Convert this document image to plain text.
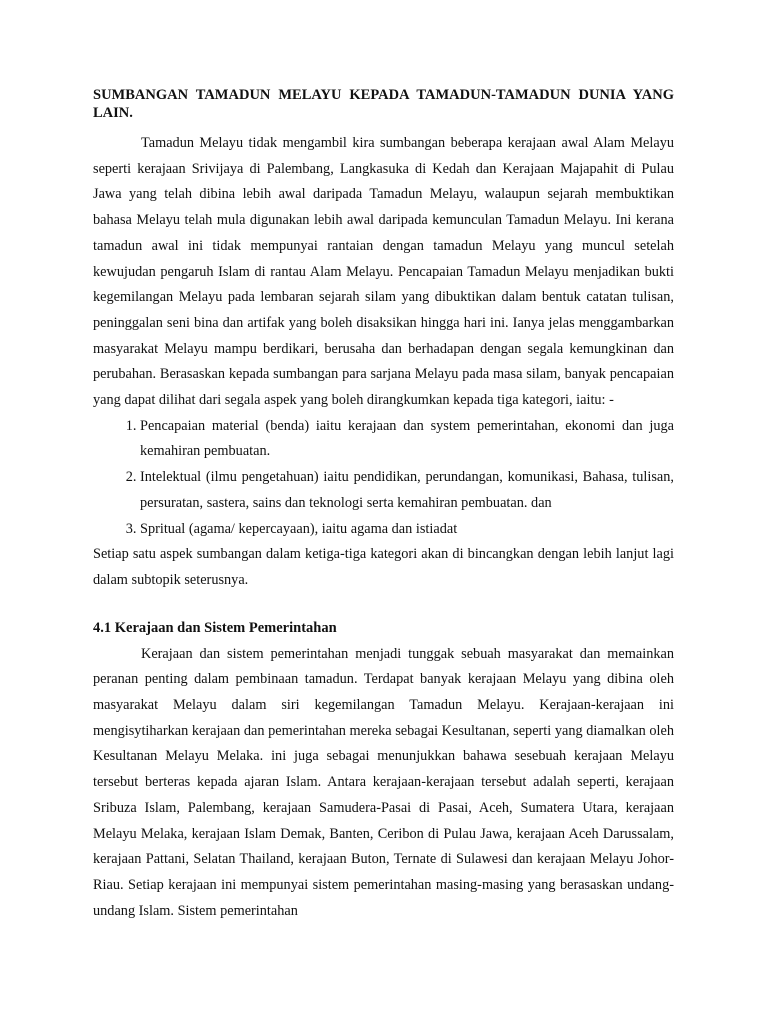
SUMBANGAN TAMADUN MELAYU KEPADA TAMADUN-TAMADUN DUNIA YANG LAIN.

Tamadun Melayu tidak mengambil kira sumbangan beberapa kerajaan awal Alam Melayu seperti kerajaan Srivijaya di Palembang, Langkasuka di Kedah dan Kerajaan Majapahit di Pulau Jawa yang telah dibina lebih awal daripada Tamadun Melayu, walaupun sejarah membuktikan bahasa Melayu telah mula digunakan lebih awal daripada kemunculan Tamadun Melayu. Ini kerana tamadun awal ini tidak mempunyai rantaian dengan tamadun Melayu yang muncul setelah kewujudan pengaruh Islam di rantau Alam Melayu. Pencapaian Tamadun Melayu menjadikan bukti kegemilangan Melayu pada lembaran sejarah silam yang dibuktikan dalam bentuk catatan tulisan, peninggalan seni bina dan artifak yang boleh disaksikan hingga hari ini. Ianya jelas menggambarkan masyarakat Melayu mampu berdikari, berusaha dan berhadapan dengan segala kemungkinan dan perubahan. Berasaskan kepada sumbangan para sarjana Melayu pada masa silam, banyak pencapaian yang dapat dilihat dari segala aspek yang boleh dirangkumkan kepada tiga kategori, iaitu: -

1. Pencapaian material (benda) iaitu kerajaan dan system pemerintahan, ekonomi dan juga kemahiran pembuatan.
2. Intelektual (ilmu pengetahuan) iaitu pendidikan, perundangan, komunikasi, Bahasa, tulisan, persuratan, sastera, sains dan teknologi serta kemahiran pembuatan. dan
3. Spritual (agama/ kepercayaan), iaitu agama dan istiadat

Setiap satu aspek sumbangan dalam ketiga-tiga kategori akan di bincangkan dengan lebih lanjut lagi dalam subtopik seterusnya.

4.1 Kerajaan dan Sistem Pemerintahan

Kerajaan dan sistem pemerintahan menjadi tunggak sebuah masyarakat dan memainkan peranan penting dalam pembinaan tamadun. Terdapat banyak kerajaan Melayu yang dibina oleh masyarakat Melayu dalam siri kegemilangan Tamadun Melayu. Kerajaan-kerajaan ini mengisytiharkan kerajaan dan pemerintahan mereka sebagai Kesultanan, seperti yang diamalkan oleh Kesultanan Melayu Melaka. ini juga sebagai menunjukkan bahawa sesebuah kerajaan Melayu tersebut berteras kepada ajaran Islam. Antara kerajaan-kerajaan tersebut adalah seperti, kerajaan Sribuza Islam, Palembang, kerajaan Samudera-Pasai di Pasai, Aceh, Sumatera Utara, kerajaan Melayu Melaka, kerajaan Islam Demak, Banten, Ceribon di Pulau Jawa, kerajaan Aceh Darussalam, kerajaan Pattani, Selatan Thailand, kerajaan Buton, Ternate di Sulawesi dan kerajaan Melayu Johor-Riau. Setiap kerajaan ini mempunyai sistem pemerintahan masing-masing yang berasaskan undang-undang Islam. Sistem pemerintahan
